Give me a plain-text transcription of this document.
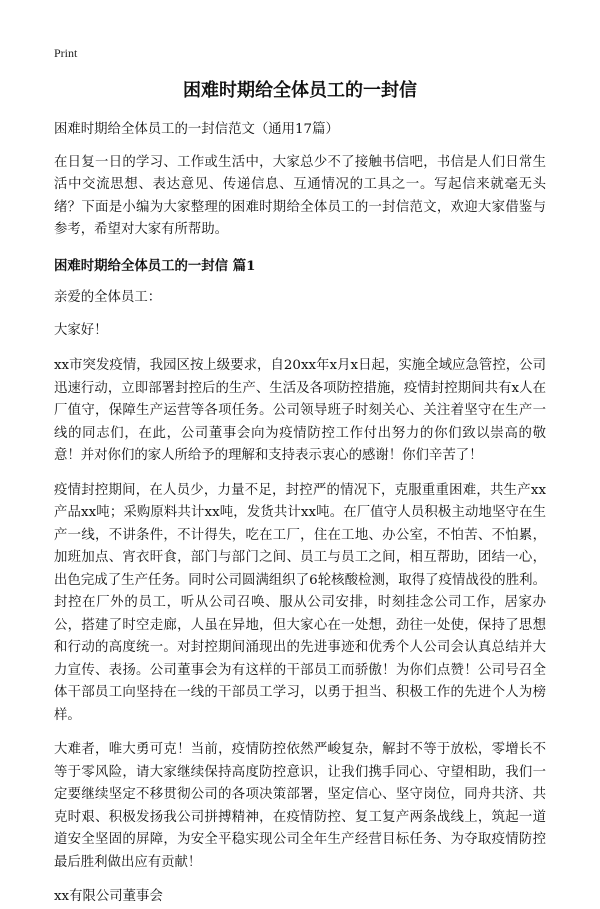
Print
困难时期给全体员工的一封信

困难时期给全体员工的一封信范文（通用17篇）

在日复一日的学习、工作或生活中，大家总少不了接触书信吧，书信是人们日常生活中交流思想、表达意见、传递信息、互通情况的工具之一。写起信来就毫无头绪？下面是小编为大家整理的困难时期给全体员工的一封信范文，欢迎大家借鉴与参考，希望对大家有所帮助。

困难时期给全体员工的一封信 篇1

亲爱的全体员工：

大家好！

xx市突发疫情，我园区按上级要求，自20xx年x月x日起，实施全域应急管控，公司迅速行动，立即部署封控后的生产、生活及各项防控措施，疫情封控期间共有x人在厂值守，保障生产运营等各项任务。公司领导班子时刻关心、关注着坚守在生产一线的同志们，在此，公司董事会向为疫情防控工作付出努力的你们致以崇高的敬意！并对你们的家人所给予的理解和支持表示衷心的感谢！你们辛苦了！

疫情封控期间，在人员少，力量不足，封控严的情况下，克服重重困难，共生产xx产品xx吨；采购原料共计xx吨，发货共计xx吨。在厂值守人员积极主动地坚守在生产一线，不讲条件，不计得失，吃在工厂，住在工地、办公室，不怕苦、不怕累，加班加点、宵衣旰食，部门与部门之间、员工与员工之间，相互帮助，团结一心，出色完成了生产任务。同时公司圆满组织了6轮核酸检测，取得了疫情战役的胜利。封控在厂外的员工，听从公司召唤、服从公司安排，时刻挂念公司工作，居家办公，搭建了时空走廊，人虽在异地，但大家心在一处想，劲往一处使，保持了思想和行动的高度统一。对封控期间涌现出的先进事迹和优秀个人公司会认真总结并大力宣传、表扬。公司董事会为有这样的干部员工而骄傲！为你们点赞！公司号召全体干部员工向坚持在一线的干部员工学习，以勇于担当、积极工作的先进个人为榜样。

大难者，唯大勇可克！当前，疫情防控依然严峻复杂，解封不等于放松，零增长不等于零风险，请大家继续保持高度防控意识，让我们携手同心、守望相助，我们一定要继续坚定不移贯彻公司的各项决策部署，坚定信心、坚守岗位，同舟共济、共克时艰、积极发扬我公司拼搏精神，在疫情防控、复工复产两条战线上，筑起一道道安全坚固的屏障，为安全平稳实现公司全年生产经营目标任务、为夺取疫情防控最后胜利做出应有贡献！

xx有限公司董事会
